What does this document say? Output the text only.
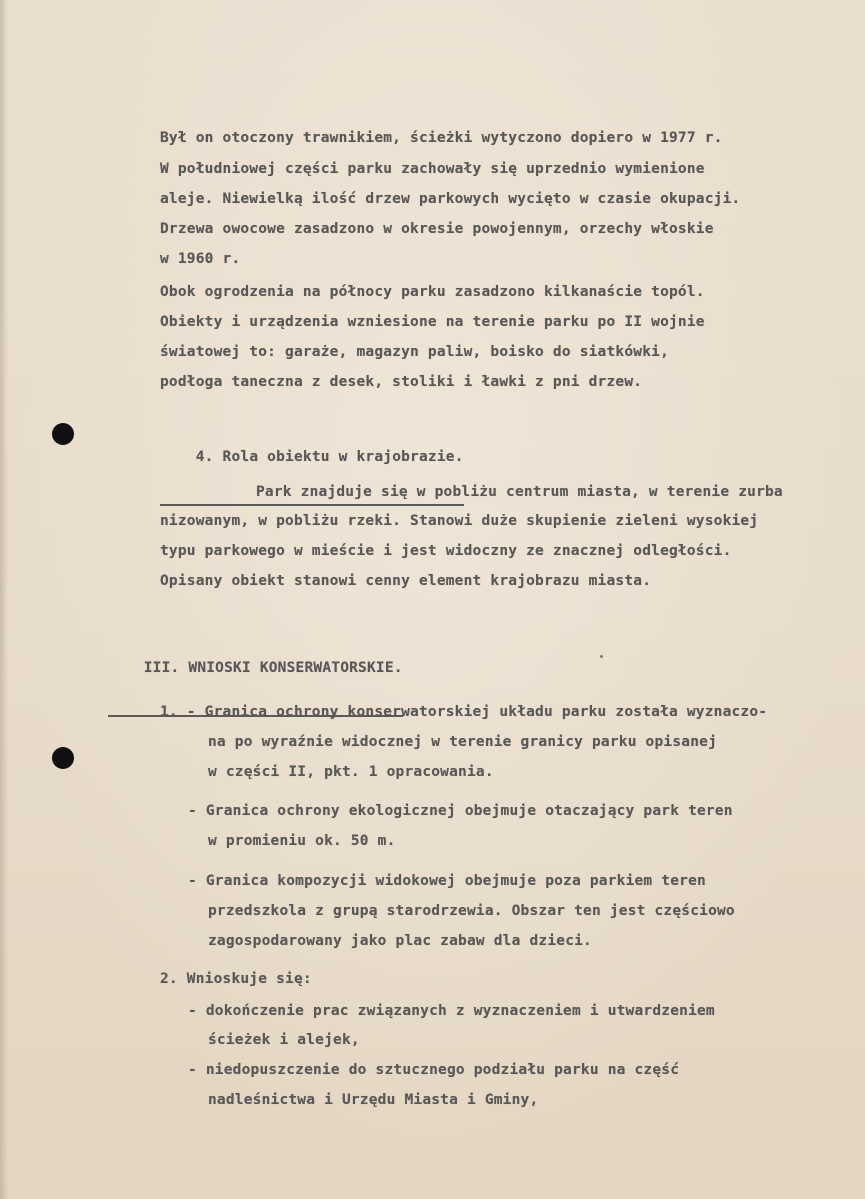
Był on otoczony trawnikiem, ścieżki wytyczono dopiero w 1977 r.
W południowej części parku zachowały się uprzednio wymienione
aleje. Niewielką ilość drzew parkowych wycięto w czasie okupacji.
Drzewa owocowe zasadzono w okresie powojennym, orzechy włoskie
w 1960 r.
Obok ogrodzenia na północy parku zasadzono kilkanaście topól.
Obiekty i urządzenia wzniesione na terenie parku po II wojnie
światowej to: garaże, magazyn paliw, boisko do siatkówki,
podłoga taneczna z desek, stoliki i ławki z pni drzew.

4. Rola obiektu w krajobrazie.

Park znajduje się w pobliżu centrum miasta, w terenie zurba
nizowanym, w pobliżu rzeki. Stanowi duże skupienie zieleni wysokiej
typu parkowego w mieście i jest widoczny ze znacznej odległości.
Opisany obiekt stanowi cenny element krajobrazu miasta.

III. WNIOSKI KONSERWATORSKIE.

1. - Granica ochrony konserwatorskiej układu parku została wyznaczo-
na po wyraźnie widocznej w terenie granicy parku opisanej
w części II, pkt. 1 opracowania.
- Granica ochrony ekologicznej obejmuje otaczający park teren
w promieniu ok. 50 m.
- Granica kompozycji widokowej obejmuje poza parkiem teren
przedszkola z grupą starodrzewia. Obszar ten jest częściowo
zagospodarowany jako plac zabaw dla dzieci.
2. Wnioskuje się:
- dokończenie prac związanych z wyznaczeniem i utwardzeniem
ścieżek i alejek,
- niedopuszczenie do sztucznego podziału parku na część
nadleśnictwa i Urzędu Miasta i Gminy,
